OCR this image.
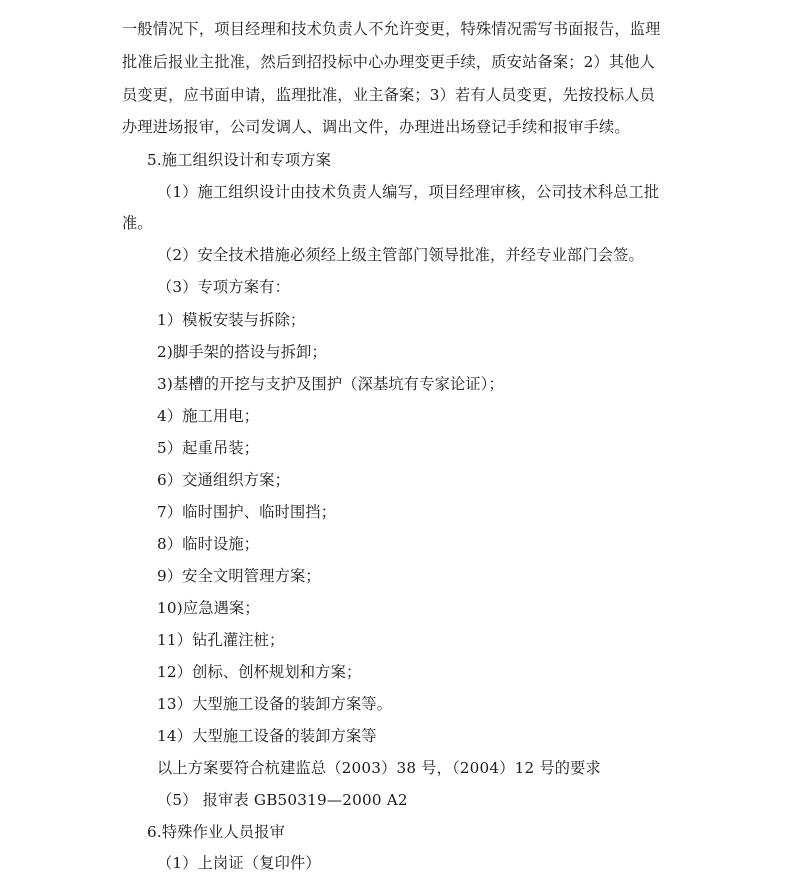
一般情况下，项目经理和技术负责人不允许变更，特殊情况需写书面报告，监理
批准后报业主批准，然后到招投标中心办理变更手续，质安站备案；2）其他人
员变更，应书面申请，监理批准，业主备案；3）若有人员变更，先按投标人员
办理进场报审，公司发调人、调出文件，办理进出场登记手续和报审手续。
5.施工组织设计和专项方案
（1）施工组织设计由技术负责人编写，项目经理审核，公司技术科总工批
准。
（2）安全技术措施必须经上级主管部门领导批准，并经专业部门会签。
（3）专项方案有：
1）模板安装与拆除；
2)脚手架的搭设与拆卸；
3)基槽的开挖与支护及围护（深基坑有专家论证）；
4）施工用电；
5）起重吊装；
6）交通组织方案；
7）临时围护、临时围挡；
8）临时设施；
9）安全文明管理方案；
10)应急遇案；
11）钻孔灌注桩；
12）创标、创杯规划和方案；
13）大型施工设备的装卸方案等。
14）大型施工设备的装卸方案等
以上方案要符合杭建监总（2003）38 号，（2004）12 号的要求
（5） 报审表 GB50319—2000 A2
6.特殊作业人员报审
（1）上岗证（复印件）
